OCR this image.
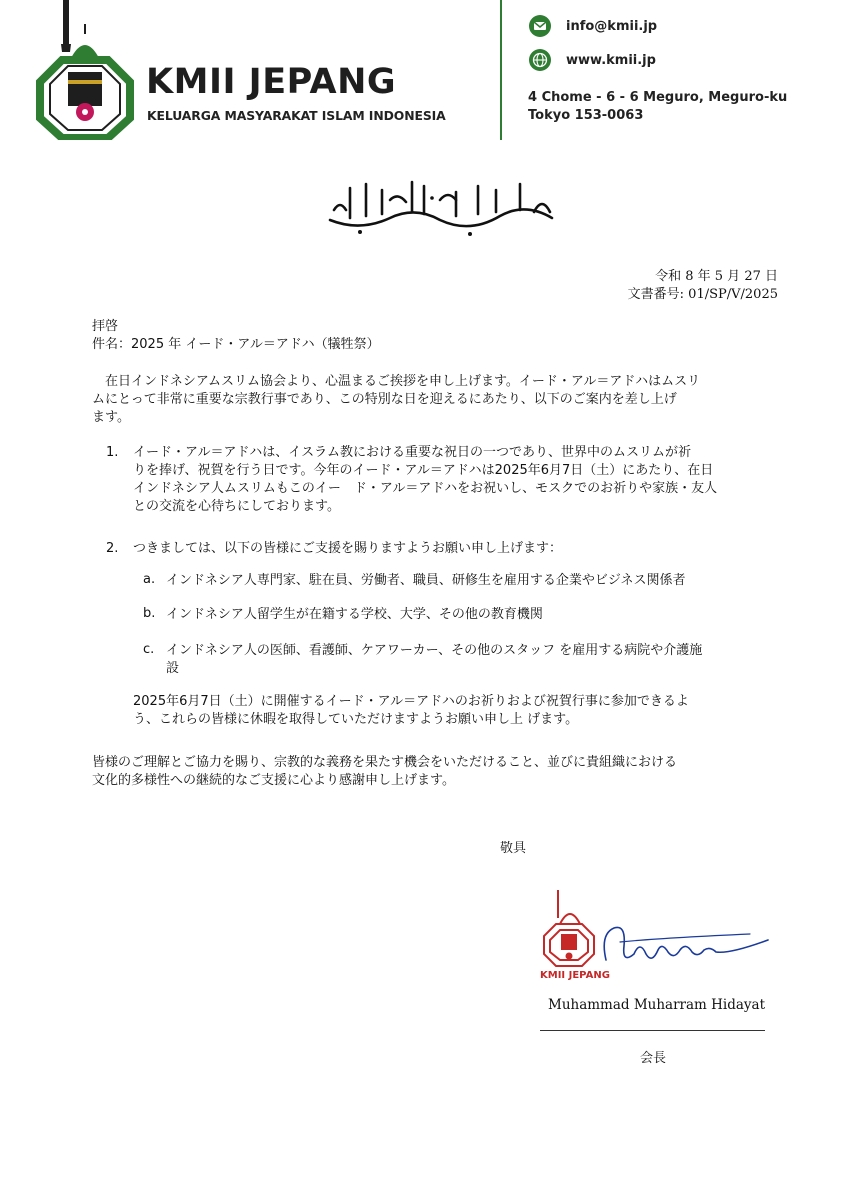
KMII JEPANG
KELUARGA MASYARAKAT ISLAM INDONESIA
info@kmii.jp
www.kmii.jp
4 Chome - 6 - 6 Meguro, Meguro-ku
Tokyo 153-0063
令和 8 年 5 月 27 日
文書番号: 01/SP/V/2025
拝啓
件名：2025 年 イード・アル＝アドハ（犠牲祭）
在日インドネシアムスリム協会より、心温まるご挨拶を申し上げます。イード・アル＝アドハはムスリ
ムにとって非常に重要な宗教行事であり、この特別な日を迎えるにあたり、以下のご案内を差し上げ
ます。
1. イード・アル＝アドハは、イスラム教における重要な祝日の一つであり、世界中のムスリムが祈
りを捧げ、祝賀を行う日です。今年のイード・アル＝アドハは2025年6月7日（土）にあたり、在日
インドネシア人ムスリムもこのイー　ド・アル＝アドハをお祝いし、モスクでのお祈りや家族・友人
との交流を心待ちにしております。
2. つきましては、以下の皆様にご支援を賜りますようお願い申し上げます：
a. インドネシア人専門家、駐在員、労働者、職員、研修生を雇用する企業やビジネス関係者
b. インドネシア人留学生が在籍する学校、大学、その他の教育機関
c. インドネシア人の医師、看護師、ケアワーカー、その他のスタッフ を雇用する病院や介護施
設
2025年6月7日（土）に開催するイード・アル＝アドハのお祈りおよび祝賀行事に参加できるよ
う、これらの皆様に休暇を取得していただけますようお願い申し上 げます。
皆様のご理解とご協力を賜り、宗教的な義務を果たす機会をいただけること、並びに貴組織における
文化的多様性への継続的なご支援に心より感謝申し上げます。
敬具
KMII JEPANG
Muhammad Muharram Hidayat
会長
